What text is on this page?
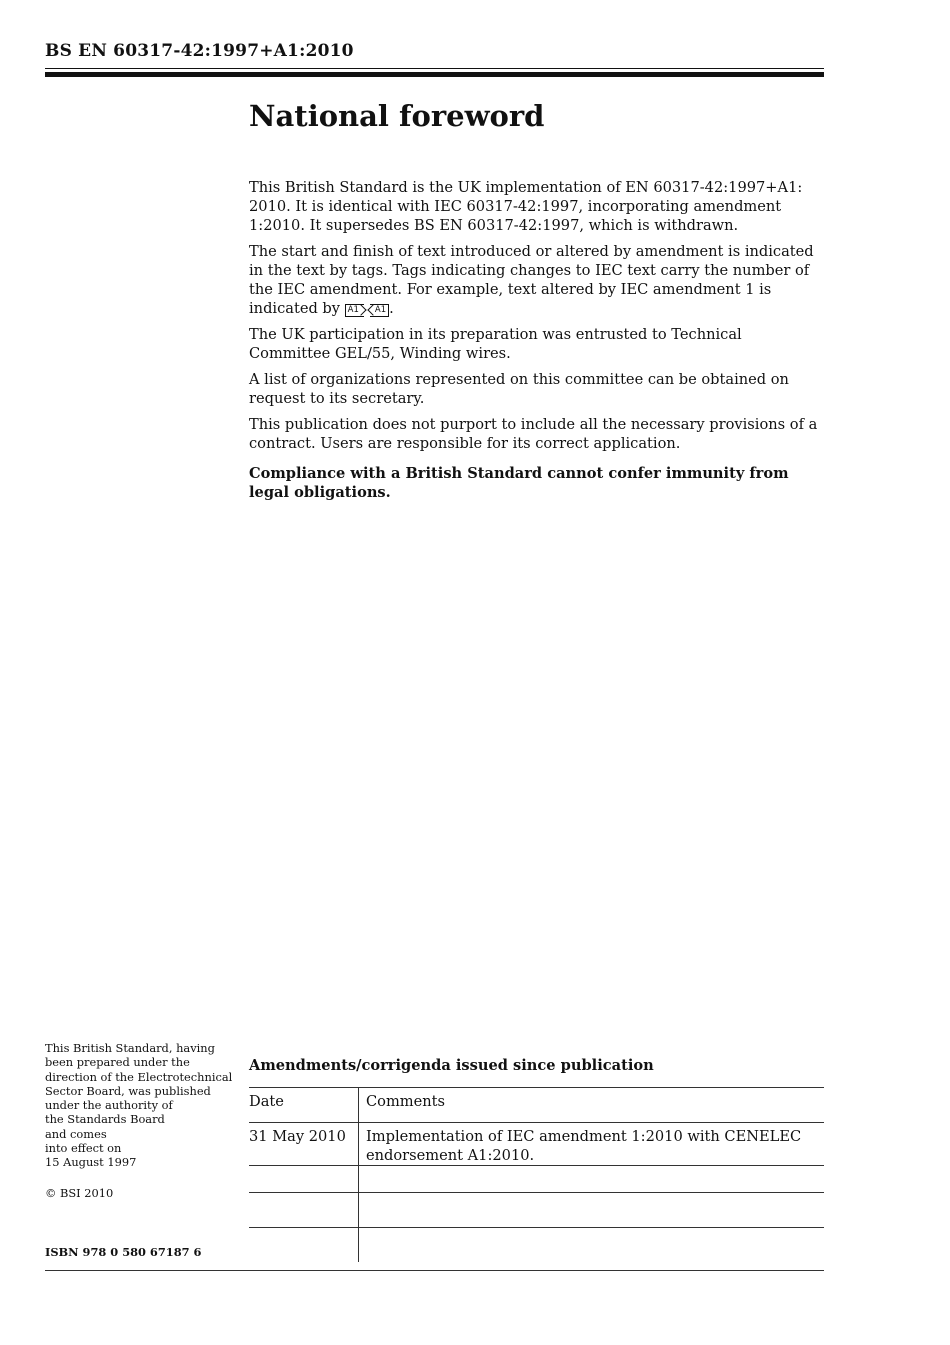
BS EN 60317-42:1997+A1:2010
National foreword

This British Standard is the UK implementation of EN 60317-42:1997+A1: 2010. It is identical with IEC 60317-42:1997, incorporating amendment 1:2010. It supersedes BS EN 60317-42:1997, which is withdrawn.

The start and finish of text introduced or altered by amendment is indicated in the text by tags. Tags indicating changes to IEC text carry the number of the IEC amendment. For example, text altered by IEC amendment 1 is indicated by A1 A1 .

The UK participation in its preparation was entrusted to Technical Committee GEL/55, Winding wires.

A list of organizations represented on this committee can be obtained on request to its secretary.

This publication does not purport to include all the necessary provisions of a contract. Users are responsible for its correct application.

Compliance with a British Standard cannot confer immunity from legal obligations.

This British Standard, having
been prepared under the
direction of the Electrotechnical
Sector Board, was published
under the authority of
the Standards Board
and comes
into effect on
15 August 1997
© BSI 2010
ISBN 978 0 580 67187 6
Amendments/corrigenda issued since publication
Date	Comments
31 May 2010	Implementation of IEC amendment 1:2010 with CENELEC endorsement A1:2010.
